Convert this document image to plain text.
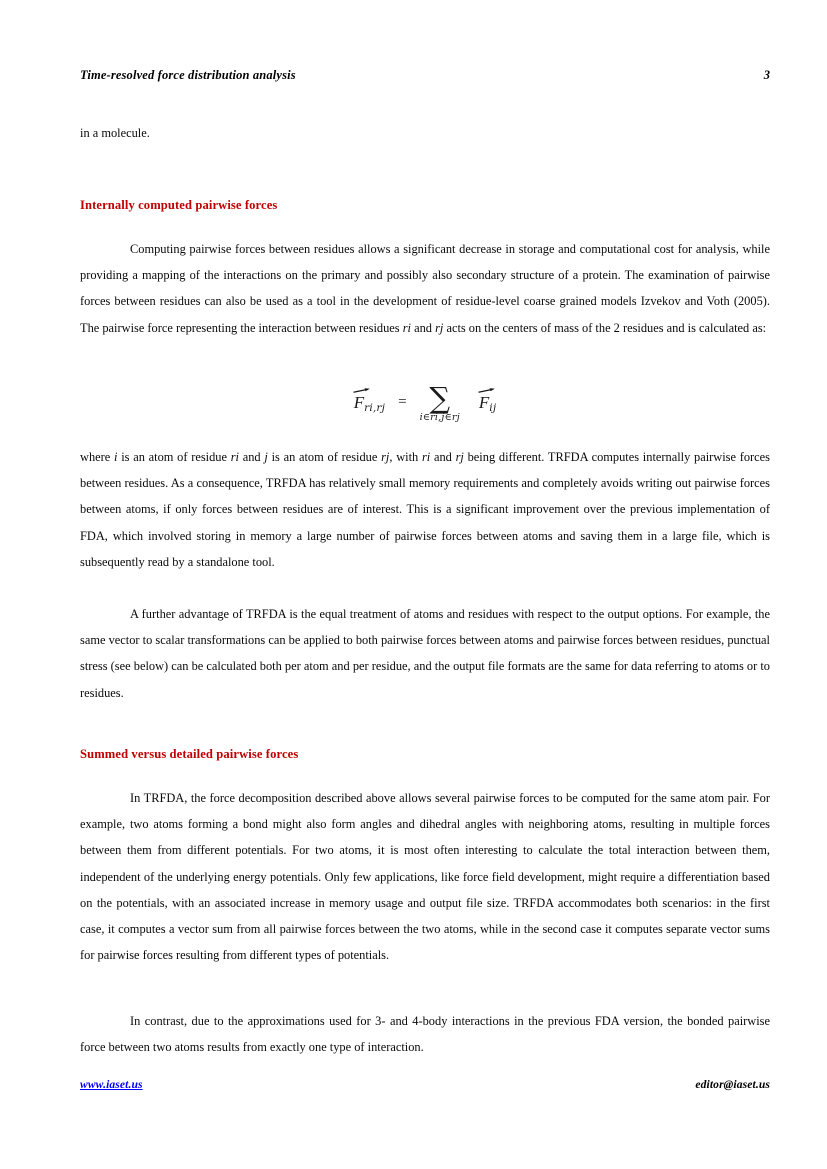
Time-resolved force distribution analysis	3
in a molecule.
Internally computed pairwise forces
Computing pairwise forces between residues allows a significant decrease in storage and computational cost for analysis, while providing a mapping of the interactions on the primary and possibly also secondary structure of a protein. The examination of pairwise forces between residues can also be used as a tool in the development of residue-level coarse grained models Izvekov and Voth (2005). The pairwise force representing the interaction between residues ri and rj acts on the centers of mass of the 2 residues and is calculated as:
$F_{ri,rj}$ = ∑
i∈ri,j∈rj
$F_{ij}$
where i is an atom of residue ri and j is an atom of residue rj, with ri and rj being different. TRFDA computes internally pairwise forces between residues. As a consequence, TRFDA has relatively small memory requirements and completely avoids writing out pairwise forces between atoms, if only forces between residues are of interest. This is a significant improvement over the previous implementation of FDA, which involved storing in memory a large number of pairwise forces between atoms and saving them in a large file, which is subsequently read by a standalone tool.
A further advantage of TRFDA is the equal treatment of atoms and residues with respect to the output options. For example, the same vector to scalar transformations can be applied to both pairwise forces between atoms and pairwise forces between residues, punctual stress (see below) can be calculated both per atom and per residue, and the output file formats are the same for data referring to atoms or to residues.
Summed versus detailed pairwise forces
In TRFDA, the force decomposition described above allows several pairwise forces to be computed for the same atom pair. For example, two atoms forming a bond might also form angles and dihedral angles with neighboring atoms, resulting in multiple forces between them from different potentials. For two atoms, it is most often interesting to calculate the total interaction between them, independent of the underlying energy potentials. Only few applications, like force field development, might require a differentiation based on the potentials, with an associated increase in memory usage and output file size. TRFDA accommodates both scenarios: in the first case, it computes a vector sum from all pairwise forces between the two atoms, while in the second case it computes separate vector sums for pairwise forces resulting from different types of potentials.
In contrast, due to the approximations used for 3- and 4-body interactions in the previous FDA version, the bonded pairwise force between two atoms results from exactly one type of interaction.
www.iaset.us	editor@iaset.us
